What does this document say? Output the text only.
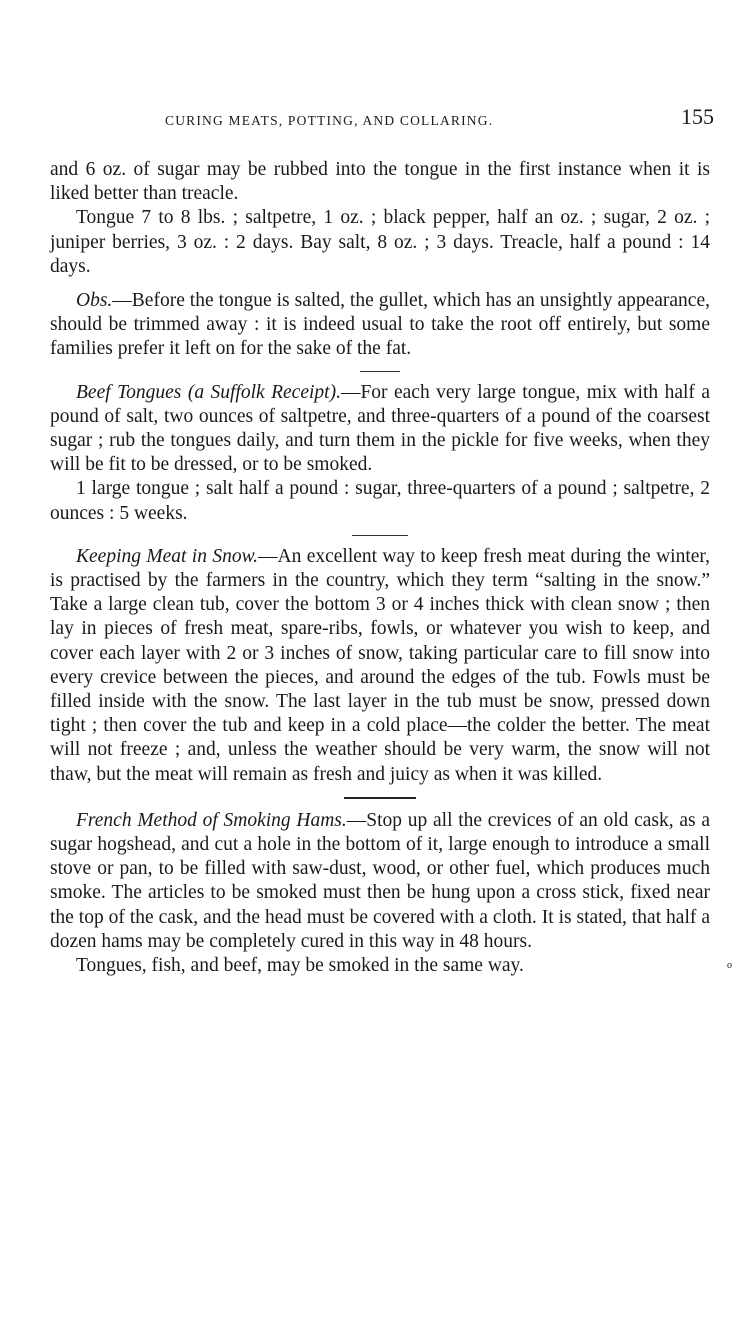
CURING MEATS, POTTING, AND COLLARING.	155

and 6 oz. of sugar may be rubbed into the tongue in the first instance when it is liked better than treacle.

Tongue 7 to 8 lbs. ; saltpetre, 1 oz. ; black pepper, half an oz. ; sugar, 2 oz. ; juniper berries, 3 oz. : 2 days. Bay salt, 8 oz. ; 3 days. Treacle, half a pound : 14 days.

Obs.—Before the tongue is salted, the gullet, which has an unsightly appearance, should be trimmed away : it is indeed usual to take the root off entirely, but some families prefer it left on for the sake of the fat.

Beef Tongues (a Suffolk Receipt).—For each very large tongue, mix with half a pound of salt, two ounces of saltpetre, and three-quarters of a pound of the coarsest sugar ; rub the tongues daily, and turn them in the pickle for five weeks, when they will be fit to be dressed, or to be smoked.

1 large tongue ; salt half a pound : sugar, three-quarters of a pound ; saltpetre, 2 ounces : 5 weeks.

Keeping Meat in Snow.—An excellent way to keep fresh meat during the winter, is practised by the farmers in the country, which they term “salting in the snow.” Take a large clean tub, cover the bottom 3 or 4 inches thick with clean snow ; then lay in pieces of fresh meat, spare-ribs, fowls, or whatever you wish to keep, and cover each layer with 2 or 3 inches of snow, taking particular care to fill snow into every crevice between the pieces, and around the edges of the tub. Fowls must be filled inside with the snow. The last layer in the tub must be snow, pressed down tight ; then cover the tub and keep in a cold place—the colder the better. The meat will not freeze ; and, unless the weather should be very warm, the snow will not thaw, but the meat will remain as fresh and juicy as when it was killed.

French Method of Smoking Hams.—Stop up all the crevices of an old cask, as a sugar hogshead, and cut a hole in the bottom of it, large enough to introduce a small stove or pan, to be filled with saw-dust, wood, or other fuel, which produces much smoke. The articles to be smoked must then be hung upon a cross stick, fixed near the top of the cask, and the head must be covered with a cloth. It is stated, that half a dozen hams may be completely cured in this way in 48 hours.

Tongues, fish, and beef, may be smoked in the same way.	o
